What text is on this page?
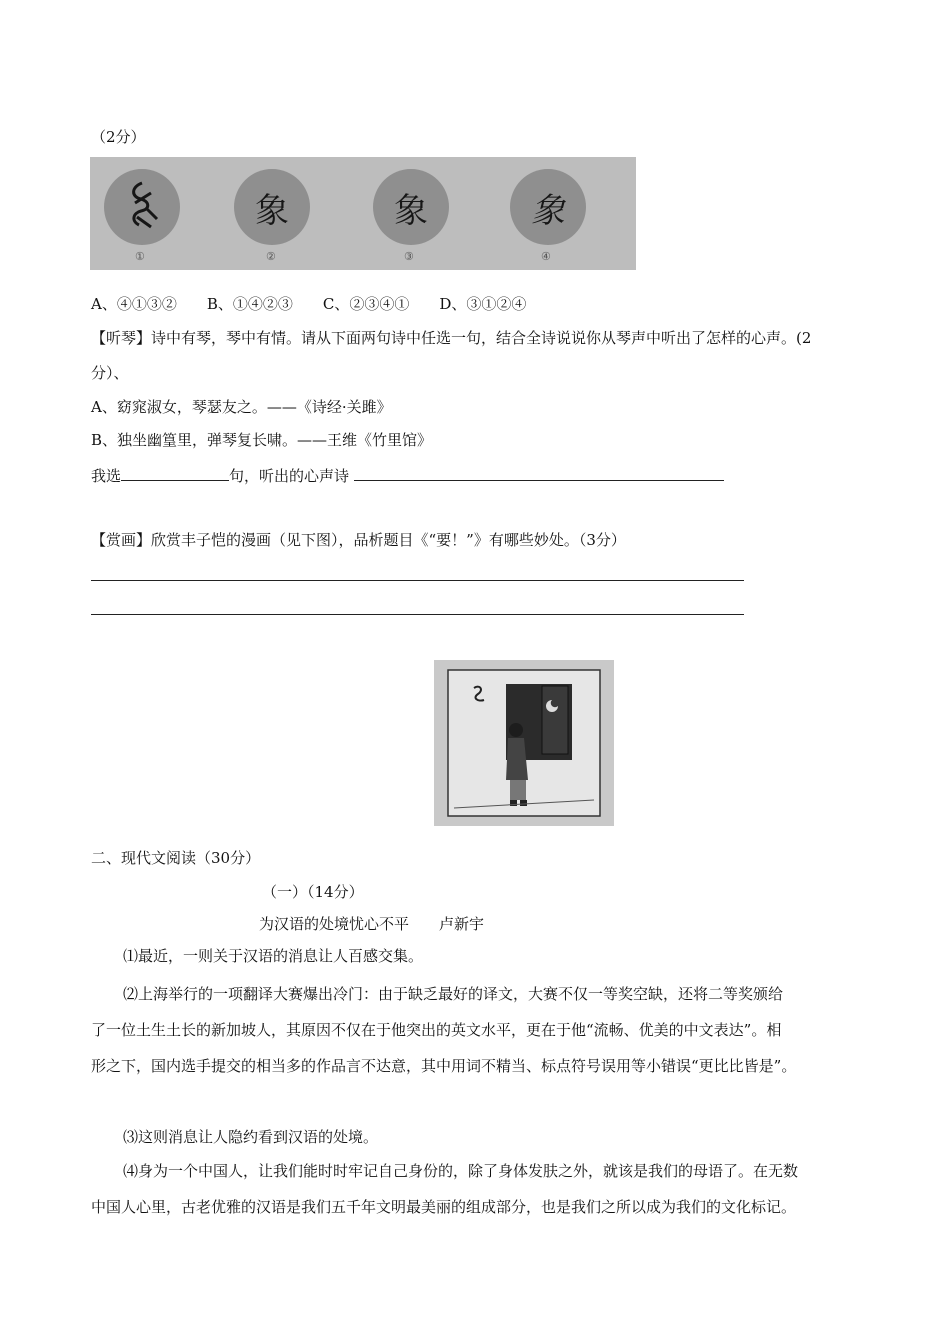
（2分）
象	象	象
①	②	③	④
A、④①③②　　B、①④②③　　C、②③④①　　D、③①②④
【听琴】诗中有琴，琴中有情。请从下面两句诗中任选一句，结合全诗说说你从琴声中听出了怎样的心声。(2
分）、
A、窈窕淑女，琴瑟友之。——《诗经·关雎》
B、独坐幽篁里，弹琴复长啸。——王维《竹里馆》
我选	句，听出的心声诗
【赏画】欣赏丰子恺的漫画（见下图），品析题目《“要！”》有哪些妙处。（3分）
二、现代文阅读（30分）
（一）（14分）
为汉语的处境忧心不平　　卢新宇
⑴最近，一则关于汉语的消息让人百感交集。
⑵上海举行的一项翻译大赛爆出冷门：由于缺乏最好的译文，大赛不仅一等奖空缺，还将二等奖颁给
了一位土生土长的新加坡人，其原因不仅在于他突出的英文水平，更在于他“流畅、优美的中文表达”。相
形之下，国内选手提交的相当多的作品言不达意，其中用词不精当、标点符号误用等小错误“更比比皆是”。
⑶这则消息让人隐约看到汉语的处境。
⑷身为一个中国人，让我们能时时牢记自己身份的，除了身体发肤之外，就该是我们的母语了。在无数
中国人心里，古老优雅的汉语是我们五千年文明最美丽的组成部分，也是我们之所以成为我们的文化标记。
